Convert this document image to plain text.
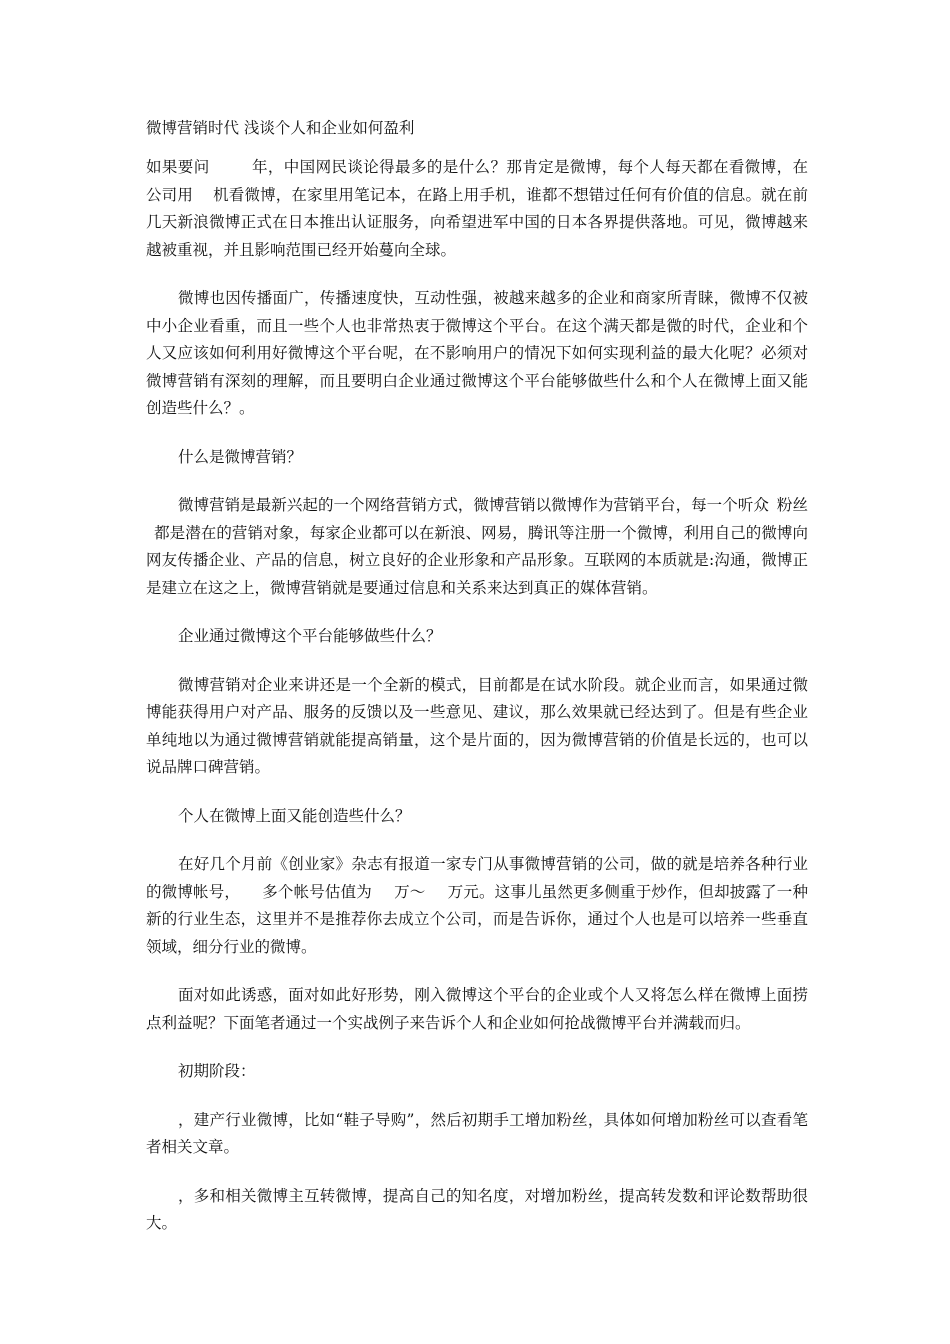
微博营销时代 浅谈个人和企业如何盈利

如果要问	年，中国网民谈论得最多的是什么？那肯定是微博，每个人每天都在看微博，在公司用 机看微博，在家里用笔记本，在路上用手机，谁都不想错过任何有价值的信息。就在前几天新浪微博正式在日本推出认证服务，向希望进军中国的日本各界提供落地。可见，微博越来越被重视，并且影响范围已经开始蔓向全球。

微博也因传播面广，传播速度快，互动性强，被越来越多的企业和商家所青睐，微博不仅被中小企业看重，而且一些个人也非常热衷于微博这个平台。在这个满天都是微的时代，企业和个人又应该如何利用好微博这个平台呢，在不影响用户的情况下如何实现利益的最大化呢？必须对微博营销有深刻的理解，而且要明白企业通过微博这个平台能够做些什么和个人在微博上面又能创造些什么？。

什么是微博营销？

微博营销是最新兴起的一个网络营销方式，微博营销以微博作为营销平台，每一个听众 粉丝都是潜在的营销对象，每家企业都可以在新浪、网易，腾讯等注册一个微博，利用自己的微博向网友传播企业、产品的信息，树立良好的企业形象和产品形象。互联网的本质就是:沟通，微博正是建立在这之上，微博营销就是要通过信息和关系来达到真正的媒体营销。

企业通过微博这个平台能够做些什么？

微博营销对企业来讲还是一个全新的模式，目前都是在试水阶段。就企业而言，如果通过微博能获得用户对产品、服务的反馈以及一些意见、建议，那么效果就已经达到了。但是有些企业单纯地以为通过微博营销就能提高销量，这个是片面的，因为微博营销的价值是长远的，也可以说品牌口碑营销。

个人在微博上面又能创造些什么？

在好几个月前《创业家》杂志有报道一家专门从事微博营销的公司，做的就是培养各种行业的微博帐号， 多个帐号估值为 万～ 万元。这事儿虽然更多侧重于炒作，但却披露了一种新的行业生态，这里并不是推荐你去成立个公司，而是告诉你，通过个人也是可以培养一些垂直领域，细分行业的微博。

面对如此诱惑，面对如此好形势，刚入微博这个平台的企业或个人又将怎么样在微博上面捞点利益呢？下面笔者通过一个实战例子来告诉个人和企业如何抢战微博平台并满载而归。

初期阶段：

，建产行业微博，比如“鞋子导购”，然后初期手工增加粉丝，具体如何增加粉丝可以查看笔者相关文章。

，多和相关微博主互转微博，提高自己的知名度，对增加粉丝，提高转发数和评论数帮助很大。
